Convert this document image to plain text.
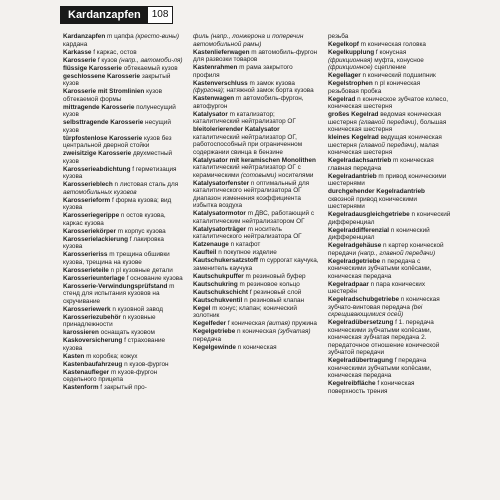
Kardanzapfen	108
Kardanzapfen m цапфа (кресто-вины) кардана
Karkasse f каркас, остов
Karosserie f кузов (напр., автомоби-ля)
flüssige Karosserie обтекаемый кузов
geschlossene Karosserie закрытый кузов
Karosserie mit Stromlinien кузов обтекаемой формы
mittragende Karosserie полунесущий кузов
selbsttragende Karosserie несущий кузов
türpfostenlose Karosserie кузов без центральной дверной стойки
zweisitzige Karosserie двухместный кузов
Karosserieabdichtung f герметизация кузова
Karosserieblech n листовая сталь для автомобильных кузовов
Karosserieform f форма кузова; вид кузова
Karosseriegerippe n остов кузова, каркас кузова
Karosseriekörper m корпус кузова
Karosserielackierung f лакировка кузова
Karosserieriss m трещина обшивки кузова, трещина на кузове
Karosserieteile n pl кузовные детали
Karosserieunterlage f основание кузова
Karosserie-Verwindungsprüfstand m стенд для испытания кузовов на скручивание
Karosseriewerk n кузовной завод
Karosseriezubehör n кузовные принадлежности
karossieren оснащать кузовом
Kaskoversicherung f страхование кузова
Kasten m коробка; кожух
Kastenbaufahrzeug n кузов-фургон
Kastenaufleger m кузов-фургон седельного прицепа
Kastenform f закрытый про-
филь (напр., лонжерона и поперечин автомобильной рамы)
Kastenlieferwagen m автомобиль-фургон для развозки товаров
Kastenrahmen m рама закрытого профиля
Kastenverschluss m замок кузова (фургона); натяжной замок борта кузова
Kastenwagen m автомобиль-фургон, автофургон
Katalysator m катализатор; каталитический нейтрализатор ОГ
bleitolerierender Katalysator каталитический нейтрализатор ОГ, работоспособный при ограниченном содержании свинца в бензине
Katalysator mit keramischen Monolithen каталитический нейтрализатор ОГ с керамическими (сотовыми) носителями
Katalysatorfenster n оптимальный для каталитического нейтрализатора ОГ диапазон изменения коэффициента избытка воздуха
Katalysatormotor m ДВС, работающий с каталитическим нейтрализатором ОГ
Katalysatorträger m носитель каталитического нейтрализатора ОГ
Katzenauge n катафот
Kaufteil n покупное изделие
Kautschukersatzstoff m суррогат каучука, заменитель каучука
Kautschukpuffer m резиновый буфер
Kautschukring m резиновое кольцо
Kautschukschicht f резиновый слой
Kautschukventil n резиновый клапан
Kegel m конус; клапан; конический золотник
Kegelfeder f коническая (витая) пружина
Kegelgetriebe n коническая (зубчатая) передача
Kegelgewinde n коническая
резьба
Kegelkopf m коническая головка
Kegelkupplung f конусная (фрикционная) муфта, конусное (фрикционное) сцепление
Kegellager n конический подшипник
Kegelstrophen n pl коническая резьбовая пробка
Kegelrad n коническое зубчатое колесо, коническая шестерня
großes Kegelrad ведомая коническая шестерня (главной передачи), большая коническая шестерня
kleines Kegelrad ведущая коническая шестерня (главной передачи), малая коническая шестерня
Kegelradachsantrieb m коническая главная передача
Kegelradantrieb m привод коническими шестернями
durchgehender Kegelradantrieb сквозной привод коническими шестернями
Kegelradausgleichgetriebe n конический дифференциал
Kegelraddifferenzial n конический дифференциал
Kegelradgehäuse n картер конической передачи (напр., главной передачи)
Kegelradgetriebe n передача с коническими зубчатыми колёсами, коническая передача
Kegelradpaar n пара конических шестерён
Kegelradschubgetriebe n коническая зубчато-винтовая передача (bei скрещивающимися осей)
Kegelradübersetzung f 1. передача коническими зубчатыми колёсами, коническая зубчатая передача 2. передаточное отношение конической зубчатой передачи
Kegelradübertragung f передача коническими зубчатыми колёсами, коническая передача
Kegelreibfläche f коническая поверхность трения
